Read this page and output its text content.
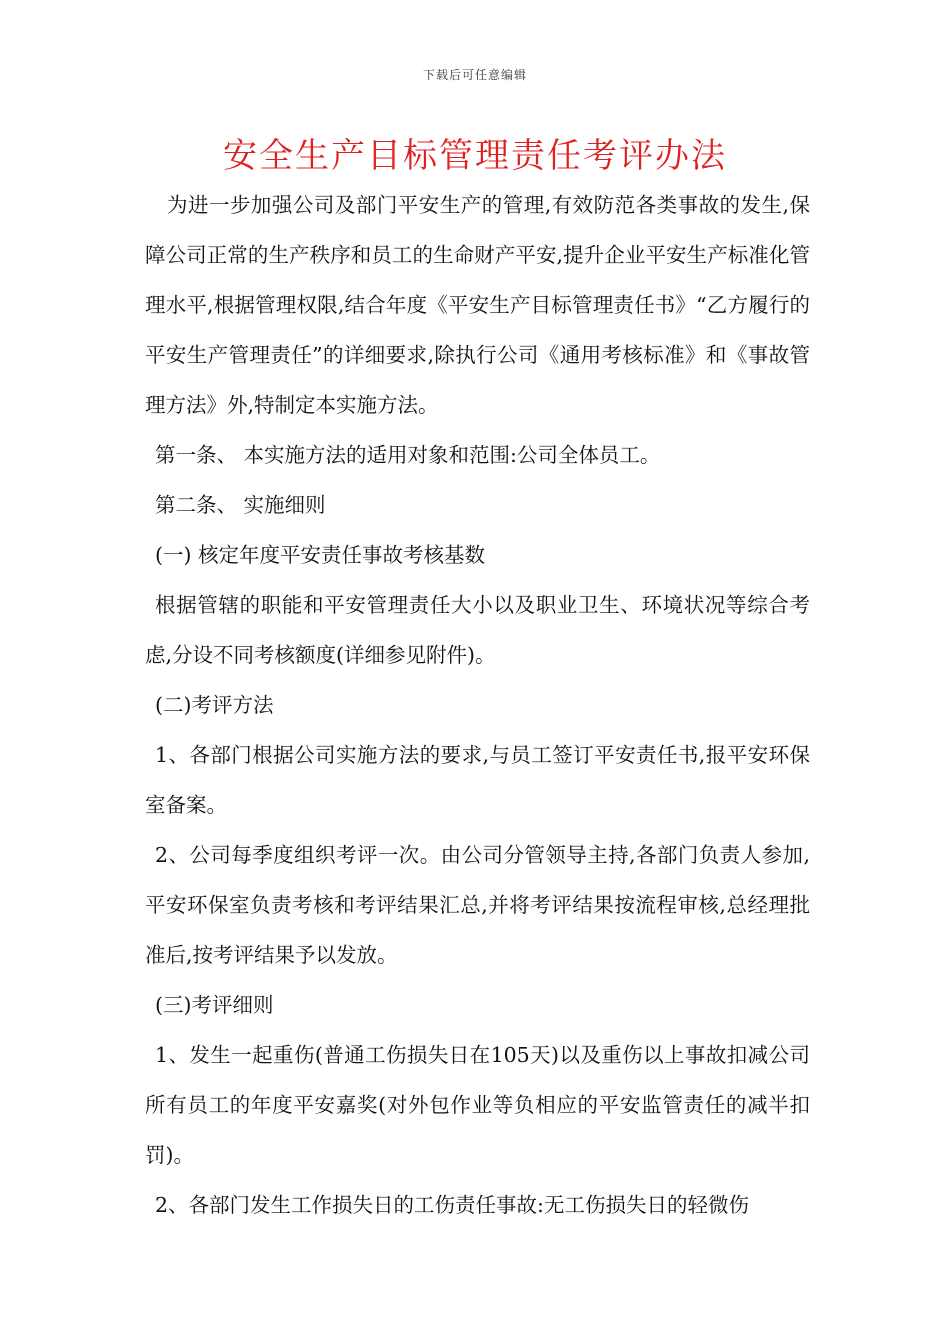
下载后可任意编辑
安全生产目标管理责任考评办法

为进一步加强公司及部门平安生产的管理,有效防范各类事故的发生,保障公司正常的生产秩序和员工的生命财产平安,提升企业平安生产标准化管理水平,根据管理权限,结合年度《平安生产目标管理责任书》“乙方履行的平安生产管理责任”的详细要求,除执行公司《通用考核标准》和《事故管理方法》外,特制定本实施方法。

第一条、 本实施方法的适用对象和范围:公司全体员工。

第二条、 实施细则

(一) 核定年度平安责任事故考核基数

根据管辖的职能和平安管理责任大小以及职业卫生、环境状况等综合考虑,分设不同考核额度(详细参见附件)。

(二)考评方法

1、各部门根据公司实施方法的要求,与员工签订平安责任书,报平安环保室备案。

2、公司每季度组织考评一次。由公司分管领导主持,各部门负责人参加,平安环保室负责考核和考评结果汇总,并将考评结果按流程审核,总经理批准后,按考评结果予以发放。

(三)考评细则

1、发生一起重伤(普通工伤损失日在105天)以及重伤以上事故扣减公司所有员工的年度平安嘉奖(对外包作业等负相应的平安监管责任的减半扣罚)。

2、各部门发生工作损失日的工伤责任事故:无工伤损失日的轻微伤
